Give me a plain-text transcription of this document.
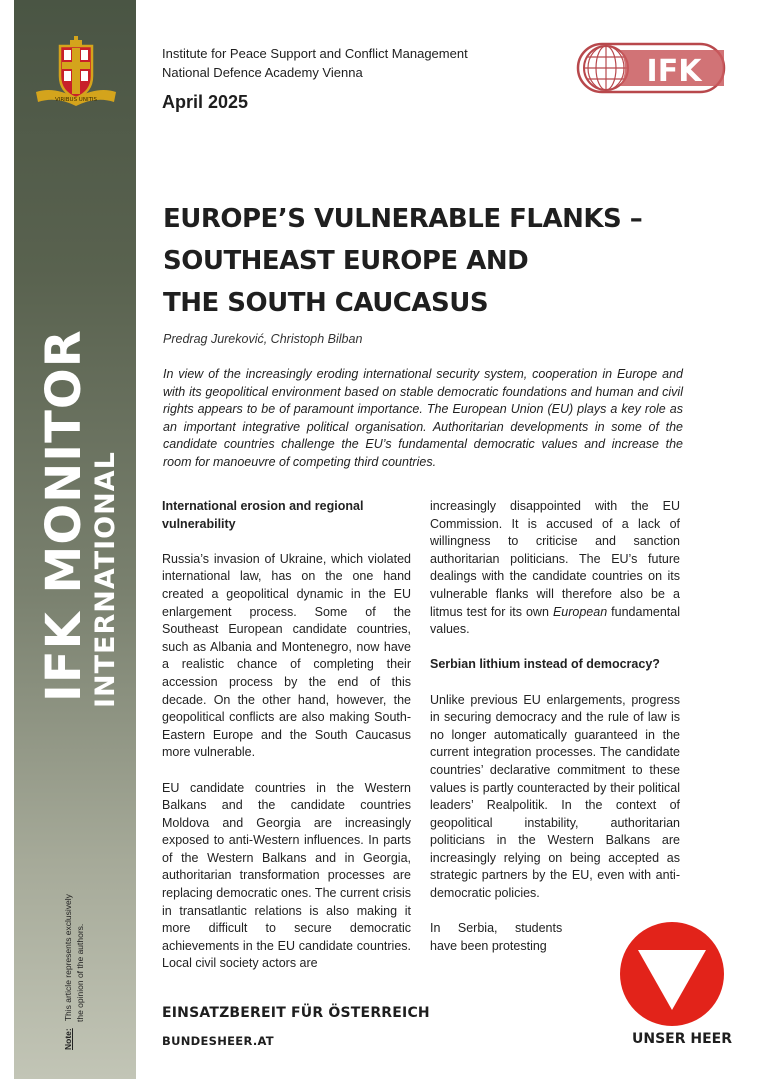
VIRIBUS UNITIS
IFK MONITOR
INTERNATIONAL
Note:   This article represents exclusively the opinion of the authors.
Institute for Peace Support and Conflict Management
National Defence Academy Vienna
April 2025
IFK
EUROPE’S VULNERABLE FLANKS –
SOUTHEAST EUROPE AND
THE SOUTH CAUCASUS
Predrag Jureković, Christoph Bilban
In view of the increasingly eroding international security system, cooperation in Europe and with its geopolitical environment based on stable democratic foundations and human and civil rights appears to be of paramount importance. The European Union (EU) plays a key role as an important integrative political organisation. Authoritarian developments in some of the candidate countries challenge the EU’s fundamental democratic values and increase the room for manoeuvre of competing third countries.
International erosion and regional vulnerability

Russia’s invasion of Ukraine, which violated international law, has on the one hand created a geopolitical dynamic in the EU enlargement process. Some of the Southeast European candidate countries, such as Albania and Montenegro, now have a realistic chance of completing their accession process by the end of this decade. On the other hand, however, the geopolitical conflicts are also making South-Eastern Europe and the South Caucasus more vulnerable.

EU candidate countries in the Western Balkans and the candidate countries Moldova and Georgia are increasingly exposed to anti-Western influences. In parts of the Western Balkans and in Georgia, authoritarian transformation processes are replacing democratic ones. The current crisis in transatlantic relations is also making it more difficult to secure democratic achievements in the EU candidate countries. Local civil society actors are

increasingly disappointed with the EU Commission. It is accused of a lack of willingness to criticise and sanction authoritarian politicians. The EU’s future dealings with the candidate countries on its vulnerable flanks will therefore also be a litmus test for its own European fundamental values.

Serbian lithium instead of democracy?

Unlike previous EU enlargements, progress in securing democracy and the rule of law is no longer automatically guaranteed in the current integration processes. The candidate countries’ declarative commitment to these values is partly counteracted by their political leaders’ Realpolitik. In the context of geopolitical instability, authoritarian politicians in the Western Balkans are increasingly relying on being accepted as strategic partners by the EU, even with anti-democratic policies.

In Serbia, students
have been protesting

EINSATZBEREIT FÜR ÖSTERREICH
BUNDESHEER.AT	UNSER HEER
